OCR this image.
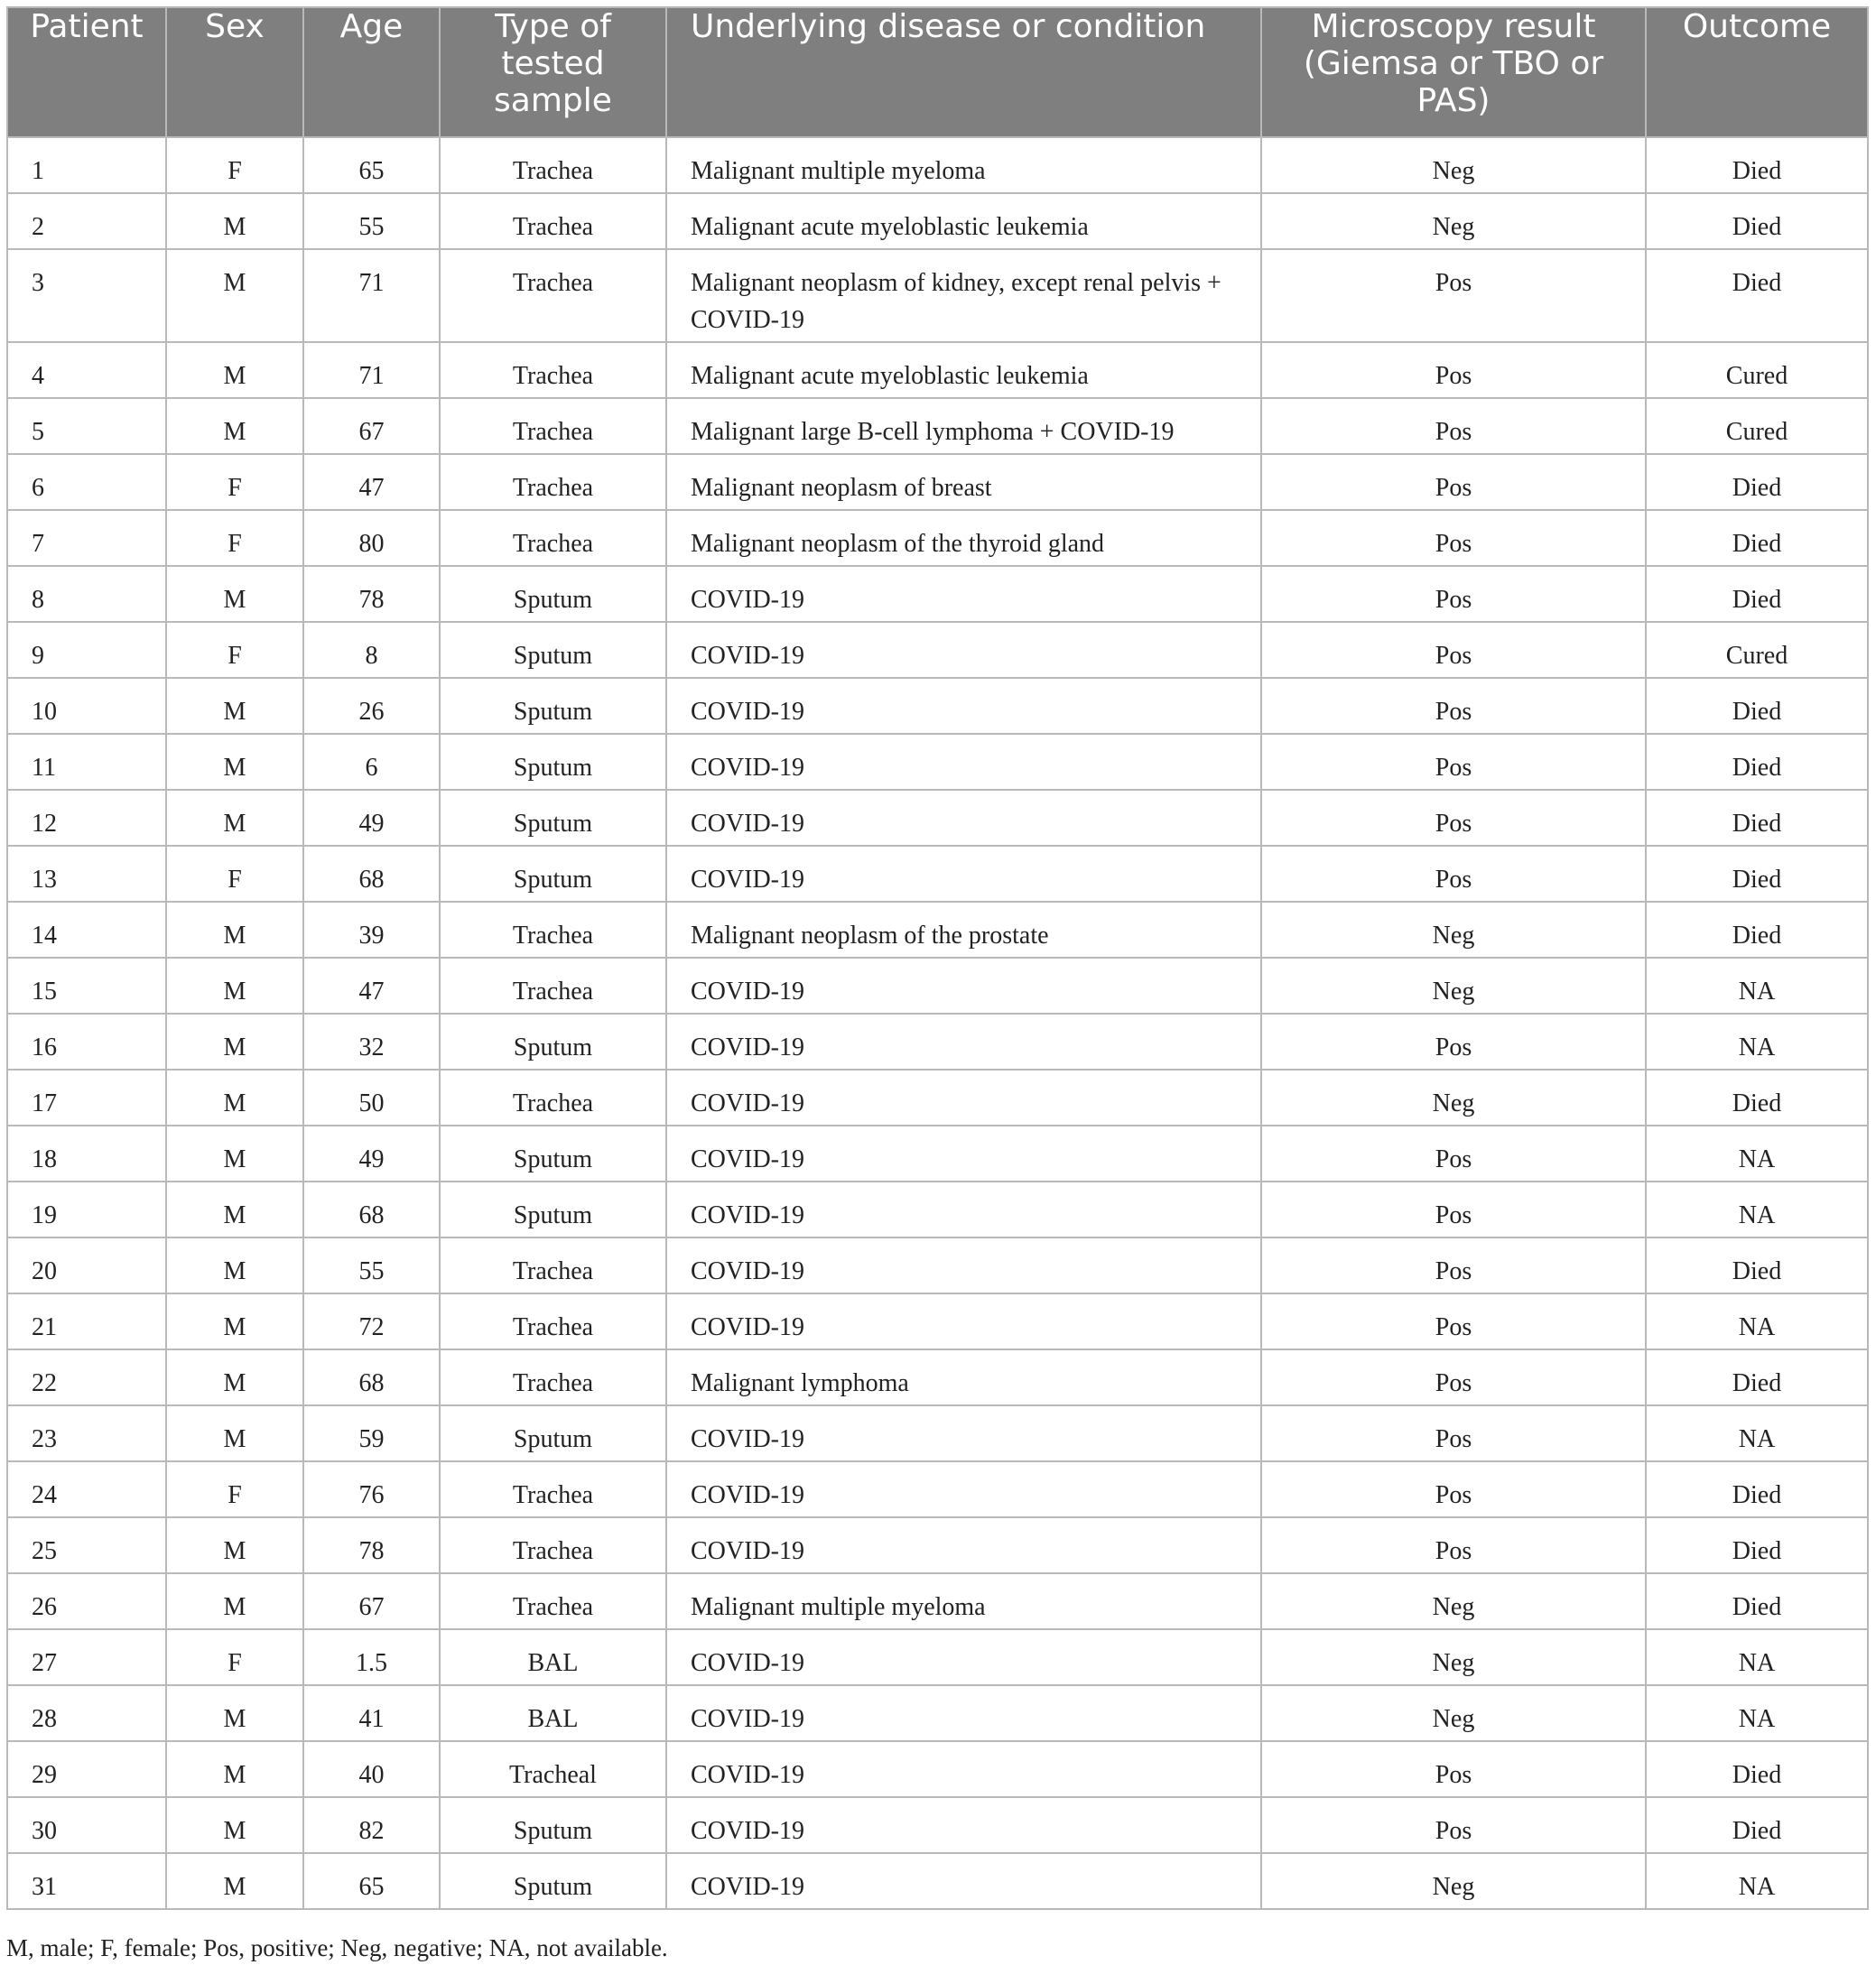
Patient	Sex	Age	Type of tested sample	Underlying disease or condition	Microscopy result (Giemsa or TBO or PAS)	Outcome
1	F	65	Trachea	Malignant multiple myeloma	Neg	Died
2	M	55	Trachea	Malignant acute myeloblastic leukemia	Neg	Died
3	M	71	Trachea	Malignant neoplasm of kidney, except renal pelvis + COVID-19	Pos	Died
4	M	71	Trachea	Malignant acute myeloblastic leukemia	Pos	Cured
5	M	67	Trachea	Malignant large B-cell lymphoma + COVID-19	Pos	Cured
6	F	47	Trachea	Malignant neoplasm of breast	Pos	Died
7	F	80	Trachea	Malignant neoplasm of the thyroid gland	Pos	Died
8	M	78	Sputum	COVID-19	Pos	Died
9	F	8	Sputum	COVID-19	Pos	Cured
10	M	26	Sputum	COVID-19	Pos	Died
11	M	6	Sputum	COVID-19	Pos	Died
12	M	49	Sputum	COVID-19	Pos	Died
13	F	68	Sputum	COVID-19	Pos	Died
14	M	39	Trachea	Malignant neoplasm of the prostate	Neg	Died
15	M	47	Trachea	COVID-19	Neg	NA
16	M	32	Sputum	COVID-19	Pos	NA
17	M	50	Trachea	COVID-19	Neg	Died
18	M	49	Sputum	COVID-19	Pos	NA
19	M	68	Sputum	COVID-19	Pos	NA
20	M	55	Trachea	COVID-19	Pos	Died
21	M	72	Trachea	COVID-19	Pos	NA
22	M	68	Trachea	Malignant lymphoma	Pos	Died
23	M	59	Sputum	COVID-19	Pos	NA
24	F	76	Trachea	COVID-19	Pos	Died
25	M	78	Trachea	COVID-19	Pos	Died
26	M	67	Trachea	Malignant multiple myeloma	Neg	Died
27	F	1.5	BAL	COVID-19	Neg	NA
28	M	41	BAL	COVID-19	Neg	NA
29	M	40	Tracheal	COVID-19	Pos	Died
30	M	82	Sputum	COVID-19	Pos	Died
31	M	65	Sputum	COVID-19	Neg	NA
M, male; F, female; Pos, positive; Neg, negative; NA, not available.
